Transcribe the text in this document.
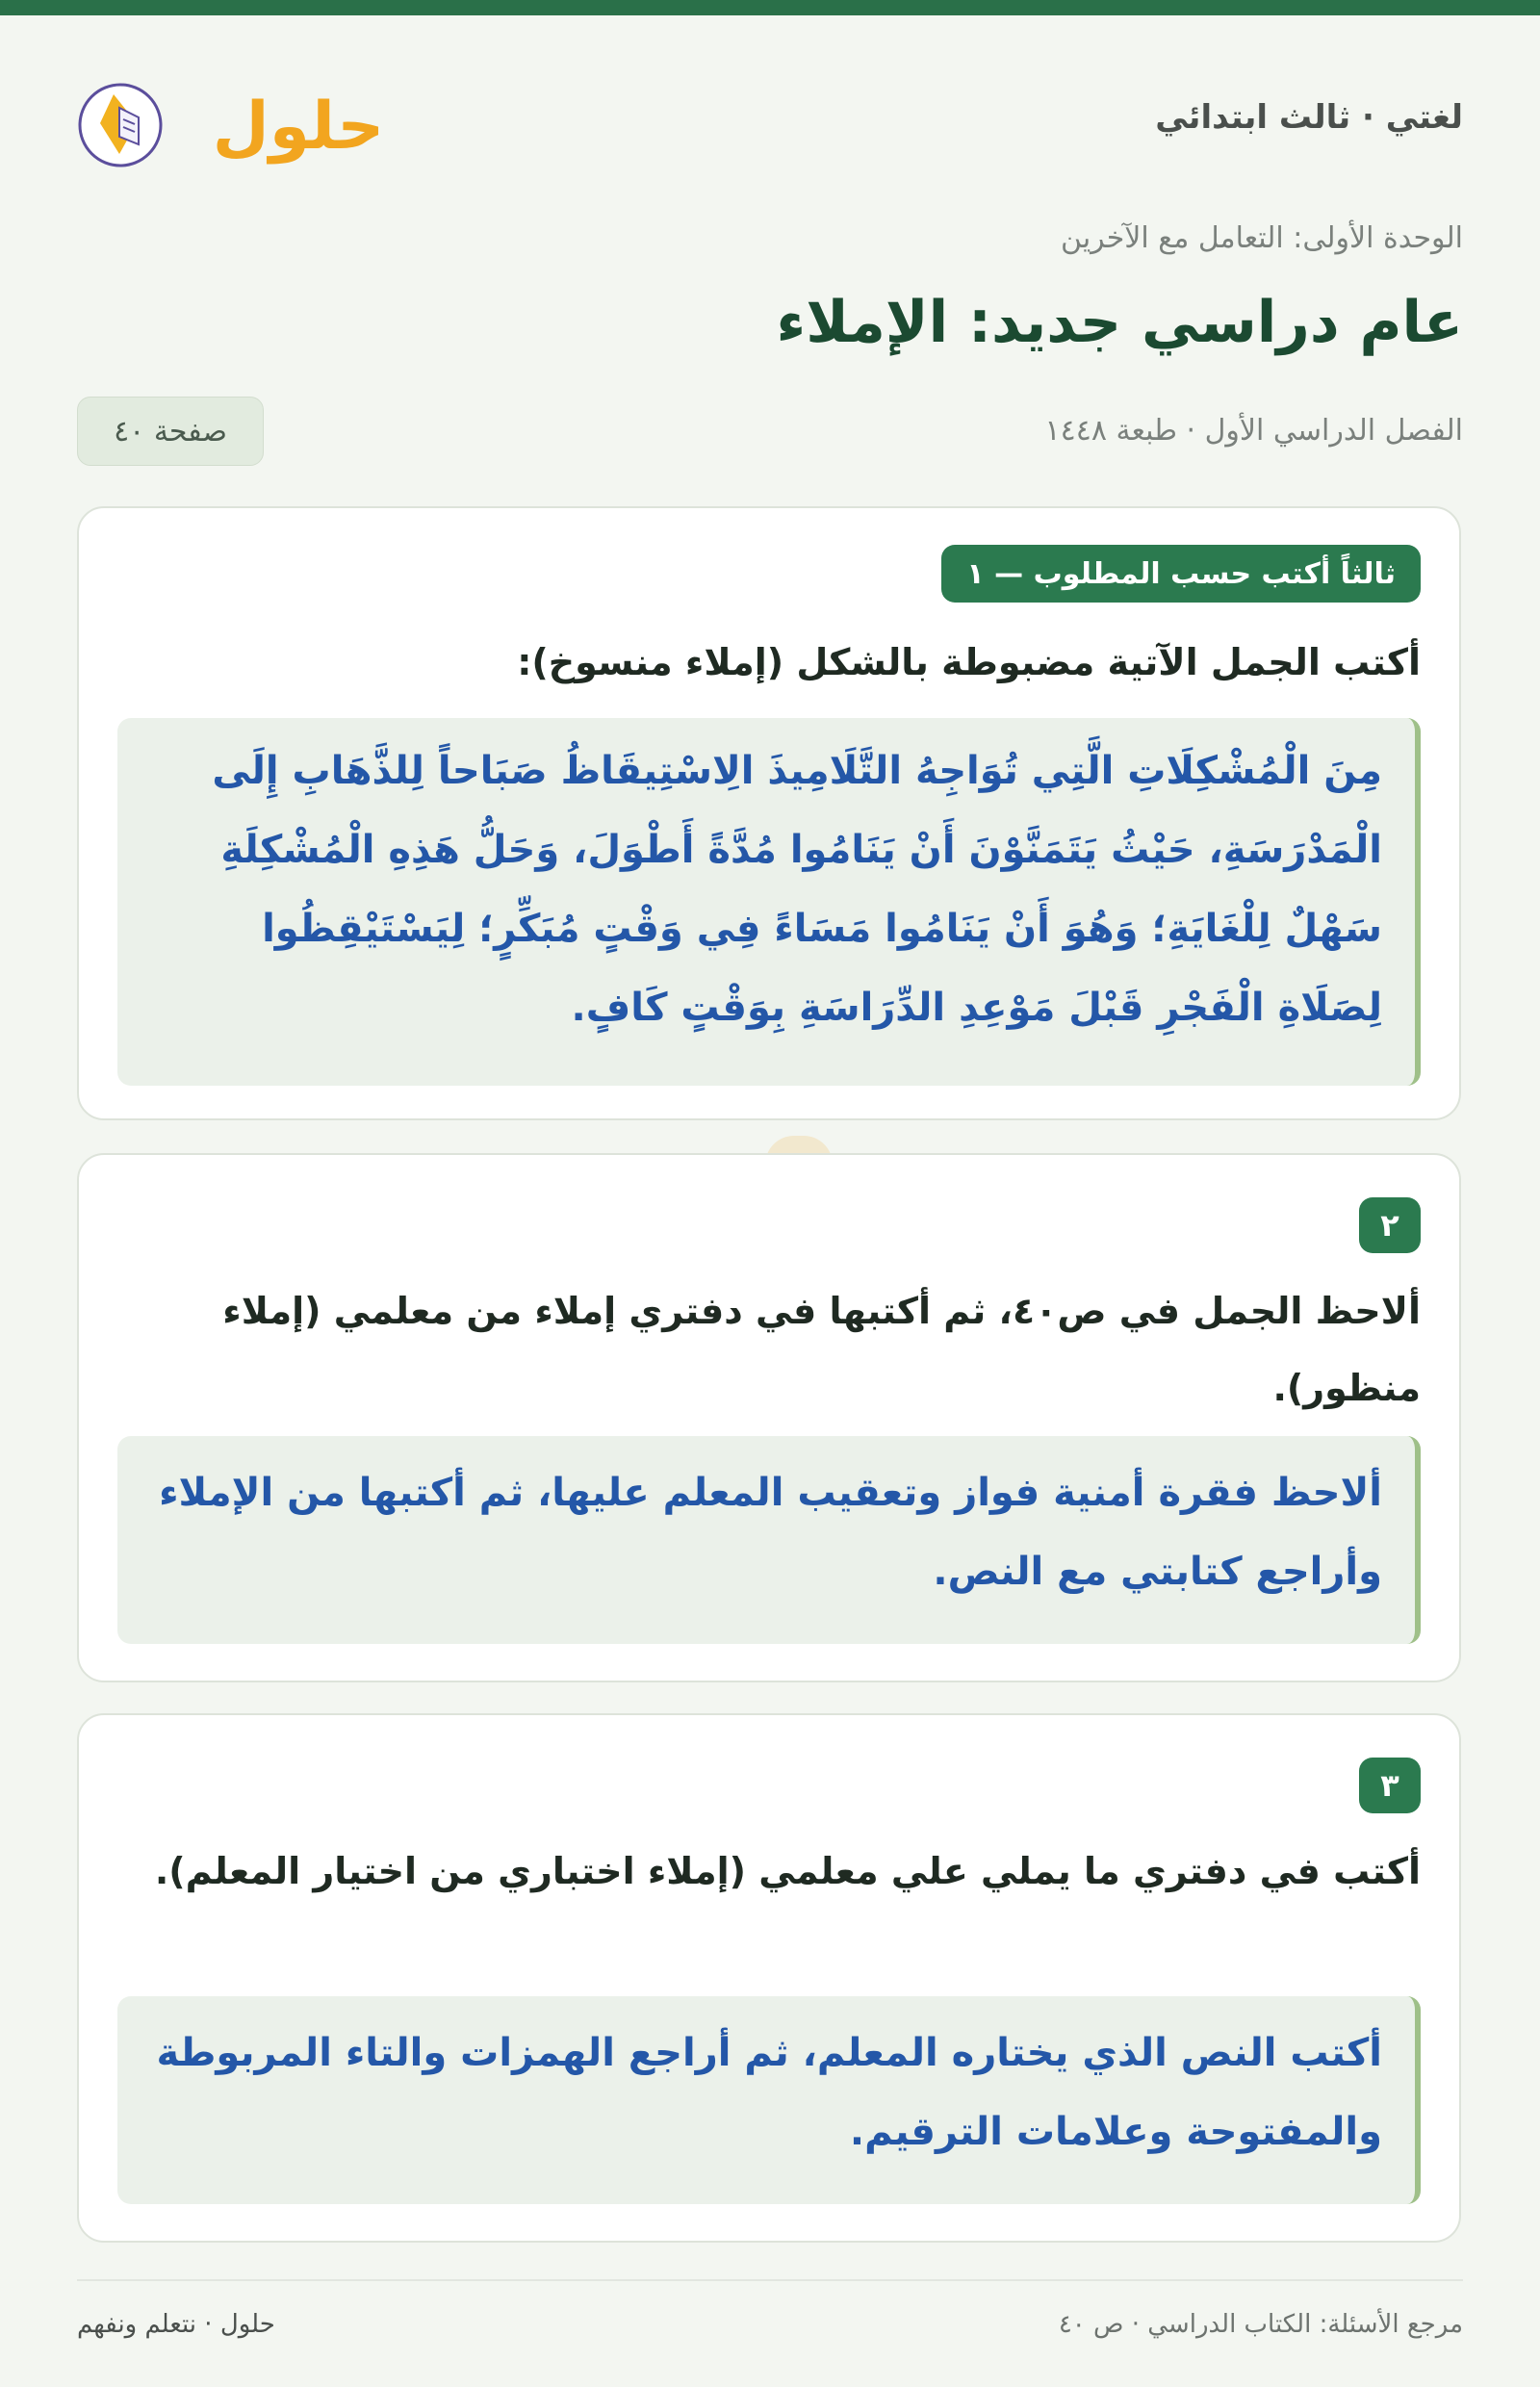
لغتي · ثالث ابتدائي
حلول
الوحدة الأولى: التعامل مع الآخرين
عام دراسي جديد: الإملاء
الفصل الدراسي الأول · طبعة ١٤٤٨
صفحة ٤٠
ثالثاً أكتب حسب المطلوب — ١
أكتب الجمل الآتية مضبوطة بالشكل (إملاء منسوخ):
مِنَ الْمُشْكِلَاتِ الَّتِي تُوَاجِهُ التَّلَامِيذَ الِاسْتِيقَاظُ صَبَاحاً لِلذَّهَابِ إِلَى الْمَدْرَسَةِ، حَيْثُ يَتَمَنَّوْنَ أَنْ يَنَامُوا مُدَّةً أَطْوَلَ، وَحَلُّ هَذِهِ الْمُشْكِلَةِ سَهْلٌ لِلْغَايَةِ؛ وَهُوَ أَنْ يَنَامُوا مَسَاءً فِي وَقْتٍ مُبَكِّرٍ؛ لِيَسْتَيْقِظُوا لِصَلَاةِ الْفَجْرِ قَبْلَ مَوْعِدِ الدِّرَاسَةِ بِوَقْتٍ كَافٍ.
٢
ألاحظ الجمل في ص٤٠، ثم أكتبها في دفتري إملاء من معلمي (إملاء منظور).
ألاحظ فقرة أمنية فواز وتعقيب المعلم عليها، ثم أكتبها من الإملاء وأراجع كتابتي مع النص.
٣
أكتب في دفتري ما يملي علي معلمي (إملاء اختباري من اختيار المعلم).
أكتب النص الذي يختاره المعلم، ثم أراجع الهمزات والتاء المربوطة والمفتوحة وعلامات الترقيم.
مرجع الأسئلة: الكتاب الدراسي · ص ٤٠
حلول · نتعلم ونفهم
